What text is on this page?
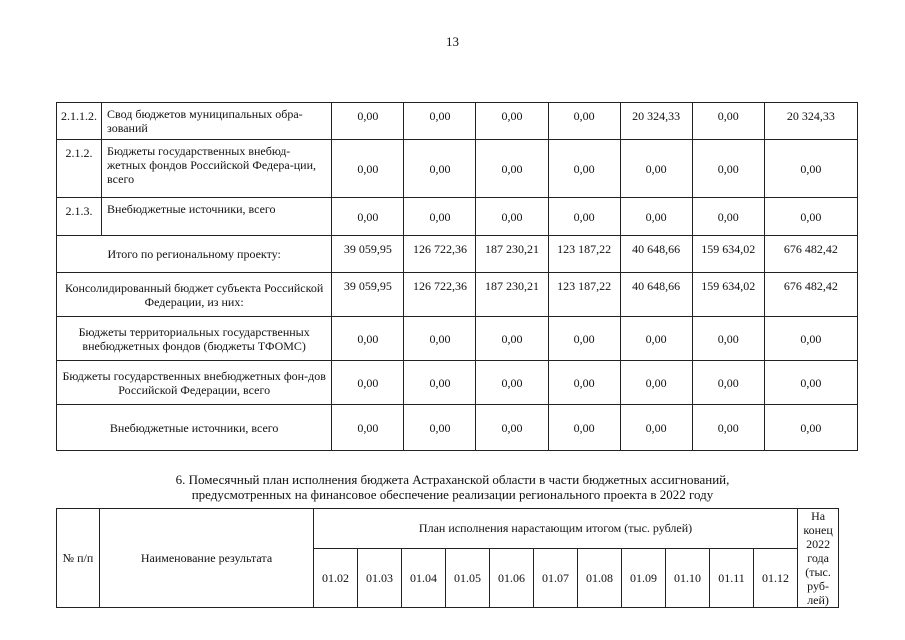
13
2.1.1.2.	Свод бюджетов муниципальных обра-зований	0,00	0,00	0,00	0,00	20 324,33	0,00	20 324,33
2.1.2.	Бюджеты государственных внебюд-жетных фондов Российской Федера-ции, всего	0,00	0,00	0,00	0,00	0,00	0,00	0,00
2.1.3.	Внебюджетные источники, всего	0,00	0,00	0,00	0,00	0,00	0,00	0,00
Итого по региональному проекту:		39 059,95	126 722,36	187 230,21	123 187,22	40 648,66	159 634,02	676 482,42
Консолидированный бюджет субъекта Российской Федерации, из них:		39 059,95	126 722,36	187 230,21	123 187,22	40 648,66	159 634,02	676 482,42
Бюджеты территориальных государственных внебюджетных фондов (бюджеты ТФОМС)		0,00	0,00	0,00	0,00	0,00	0,00	0,00
Бюджеты государственных внебюджетных фон-дов Российской Федерации, всего		0,00	0,00	0,00	0,00	0,00	0,00	0,00
Внебюджетные источники, всего		0,00	0,00	0,00	0,00	0,00	0,00	0,00
6. Помесячный план исполнения бюджета Астраханской области в части бюджетных ассигнований,
предусмотренных на финансовое обеспечение реализации регионального проекта в 2022 году
№ п/п	Наименование результата	План исполнения нарастающим итогом (тыс. рублей)											На конец 2022 года (тыс. руб-лей)
		01.02	01.03	01.04	01.05	01.06	01.07	01.08	01.09	01.10	01.11	01.12	
